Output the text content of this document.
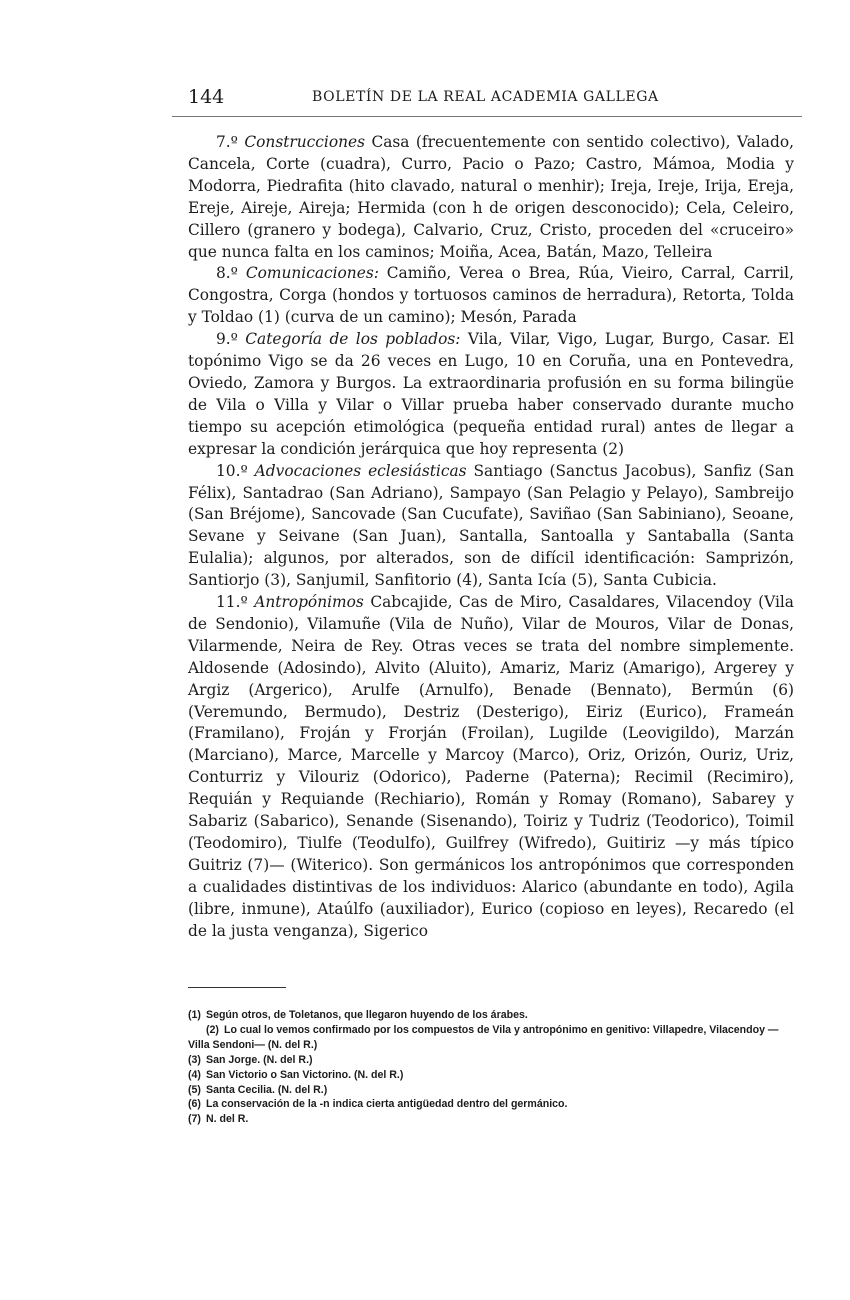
144	BOLETÍN DE LA REAL ACADEMIA GALLEGA

7.º Construcciones Casa (frecuentemente con sentido colectivo), Valado, Cancela, Corte (cuadra), Curro, Pacio o Pazo; Castro, Mámoa, Modia y Modorra, Piedrafita (hito clavado, natural o menhir); Ireja, Ireje, Irija, Ereja, Ereje, Aireje, Aireja; Hermida (con h de origen desconocido); Cela, Celeiro, Cillero (granero y bodega), Calvario, Cruz, Cristo, proceden del «cruceiro» que nunca falta en los caminos; Moiña, Acea, Batán, Mazo, Telleira

8.º Comunicaciones: Camiño, Verea o Brea, Rúa, Vieiro, Carral, Carril, Congostra, Corga (hondos y tortuosos caminos de herradura), Retorta, Tolda y Toldao (1) (curva de un camino); Mesón, Parada

9.º Categoría de los poblados: Vila, Vilar, Vigo, Lugar, Burgo, Casar. El topónimo Vigo se da 26 veces en Lugo, 10 en Coruña, una en Pontevedra, Oviedo, Zamora y Burgos. La extraordinaria profusión en su forma bilingüe de Vila o Villa y Vilar o Villar prueba haber conservado durante mucho tiempo su acepción etimológica (pequeña entidad rural) antes de llegar a expresar la condición jerárquica que hoy representa (2)

10.º Advocaciones eclesiásticas Santiago (Sanctus Jacobus), Sanfiz (San Félix), Santadrao (San Adriano), Sampayo (San Pelagio y Pelayo), Sambreijo (San Bréjome), Sancovade (San Cucufate), Saviñao (San Sabiniano), Seoane, Sevane y Seivane (San Juan), Santalla, Santoalla y Santaballa (Santa Eulalia); algunos, por alterados, son de difícil identificación: Samprizón, Santiorjo (3), Sanjumil, Sanfitorio (4), Santa Icía (5), Santa Cubicia.

11.º Antropónimos Cabcajide, Cas de Miro, Casaldares, Vilacendoy (Vila de Sendonio), Vilamuñe (Vila de Nuño), Vilar de Mouros, Vilar de Donas, Vilarmende, Neira de Rey. Otras veces se trata del nombre simplemente. Aldosende (Adosindo), Alvito (Aluito), Amariz, Mariz (Amarigo), Argerey y Argiz (Argerico), Arulfe (Arnulfo), Benade (Bennato), Bermún (6) (Veremundo, Bermudo), Destriz (Desterigo), Eiriz (Eurico), Frameán (Framilano), Froján y Frorján (Froilan), Lugilde (Leovigildo), Marzán (Marciano), Marce, Marcelle y Marcoy (Marco), Oriz, Orizón, Ouriz, Uriz, Conturriz y Vilouriz (Odorico), Paderne (Paterna); Recimil (Recimiro), Requián y Requiande (Rechiario), Román y Romay (Romano), Sabarey y Sabariz (Sabarico), Senande (Sisenando), Toiriz y Tudriz (Teodorico), Toimil (Teodomiro), Tiulfe (Teodulfo), Guilfrey (Wifredo), Guitiriz —y más típico Guitriz (7)— (Witerico). Son germánicos los antropónimos que corresponden a cualidades distintivas de los individuos: Alarico (abundante en todo), Agila (libre, inmune), Ataúlfo (auxiliador), Eurico (copioso en leyes), Recaredo (el de la justa venganza), Sigerico

(1) Según otros, de Toletanos, que llegaron huyendo de los árabes.

(2) Lo cual lo vemos confirmado por los compuestos de Vila y antropónimo en genitivo: Villapedre, Vilacendoy —Villa Sendoni— (N. del R.)

(3) San Jorge. (N. del R.)

(4) San Victorio o San Victorino. (N. del R.)

(5) Santa Cecilia. (N. del R.)

(6) La conservación de la -n indica cierta antigüedad dentro del germánico.

(7) N. del R.
